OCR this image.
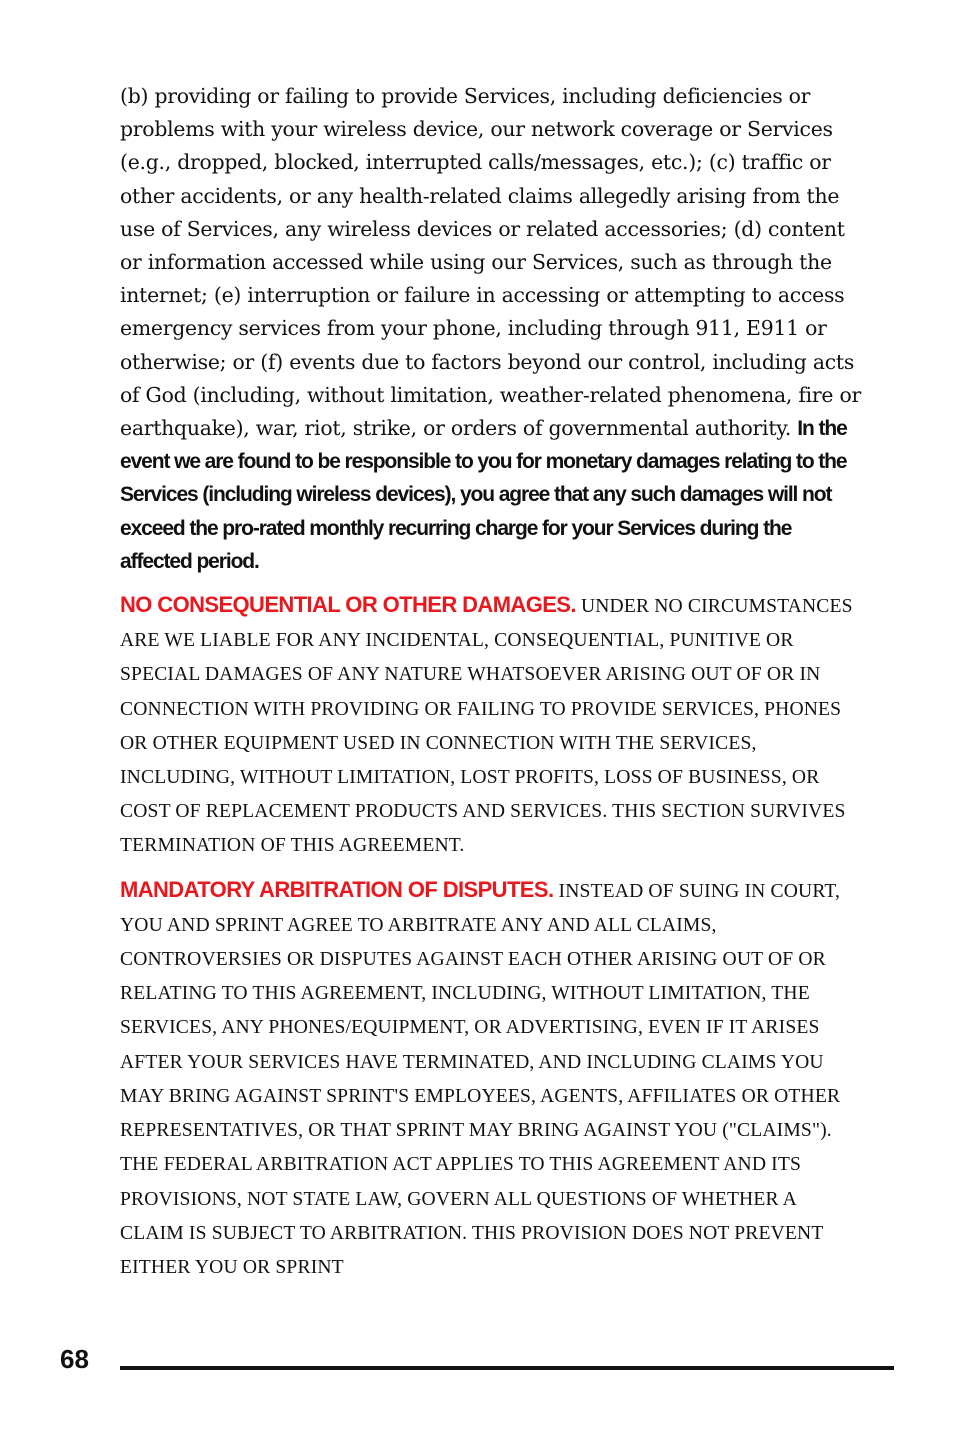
(b) providing or failing to provide Services, including deficiencies or problems with your wireless device, our network coverage or Services (e.g., dropped, blocked, interrupted calls/messages, etc.); (c) traffic or other accidents, or any health-related claims allegedly arising from the use of Services, any wireless devices or related accessories; (d) content or information accessed while using our Services, such as through the internet; (e) interruption or failure in accessing or attempting to access emergency services from your phone, including through 911, E911 or otherwise; or (f) events due to factors beyond our control, including acts of God (including, without limitation, weather-related phenomena, fire or earthquake), war, riot, strike, or orders of governmental authority. In the event we are found to be responsible to you for monetary damages relating to the Services (including wireless devices), you agree that any such damages will not exceed the pro-rated monthly recurring charge for your Services during the affected period.

NO CONSEQUENTIAL OR OTHER DAMAGES. UNDER NO CIRCUMSTANCES ARE WE LIABLE FOR ANY INCIDENTAL, CONSEQUENTIAL, PUNITIVE OR SPECIAL DAMAGES OF ANY NATURE WHATSOEVER ARISING OUT OF OR IN CONNECTION WITH PROVIDING OR FAILING TO PROVIDE SERVICES, PHONES OR OTHER EQUIPMENT USED IN CONNECTION WITH THE SERVICES, INCLUDING, WITHOUT LIMITATION, LOST PROFITS, LOSS OF BUSINESS, OR COST OF REPLACEMENT PRODUCTS AND SERVICES. THIS SECTION SURVIVES TERMINATION OF THIS AGREEMENT.

MANDATORY ARBITRATION OF DISPUTES. INSTEAD OF SUING IN COURT, YOU AND SPRINT AGREE TO ARBITRATE ANY AND ALL CLAIMS, CONTROVERSIES OR DISPUTES AGAINST EACH OTHER ARISING OUT OF OR RELATING TO THIS AGREEMENT, INCLUDING, WITHOUT LIMITATION, THE SERVICES, ANY PHONES/EQUIPMENT, OR ADVERTISING, EVEN IF IT ARISES AFTER YOUR SERVICES HAVE TERMINATED, AND INCLUDING CLAIMS YOU MAY BRING AGAINST SPRINT'S EMPLOYEES, AGENTS, AFFILIATES OR OTHER REPRESENTATIVES, OR THAT SPRINT MAY BRING AGAINST YOU ("CLAIMS"). THE FEDERAL ARBITRATION ACT APPLIES TO THIS AGREEMENT AND ITS PROVISIONS, NOT STATE LAW, GOVERN ALL QUESTIONS OF WHETHER A CLAIM IS SUBJECT TO ARBITRATION. THIS PROVISION DOES NOT PREVENT EITHER YOU OR SPRINT

68
